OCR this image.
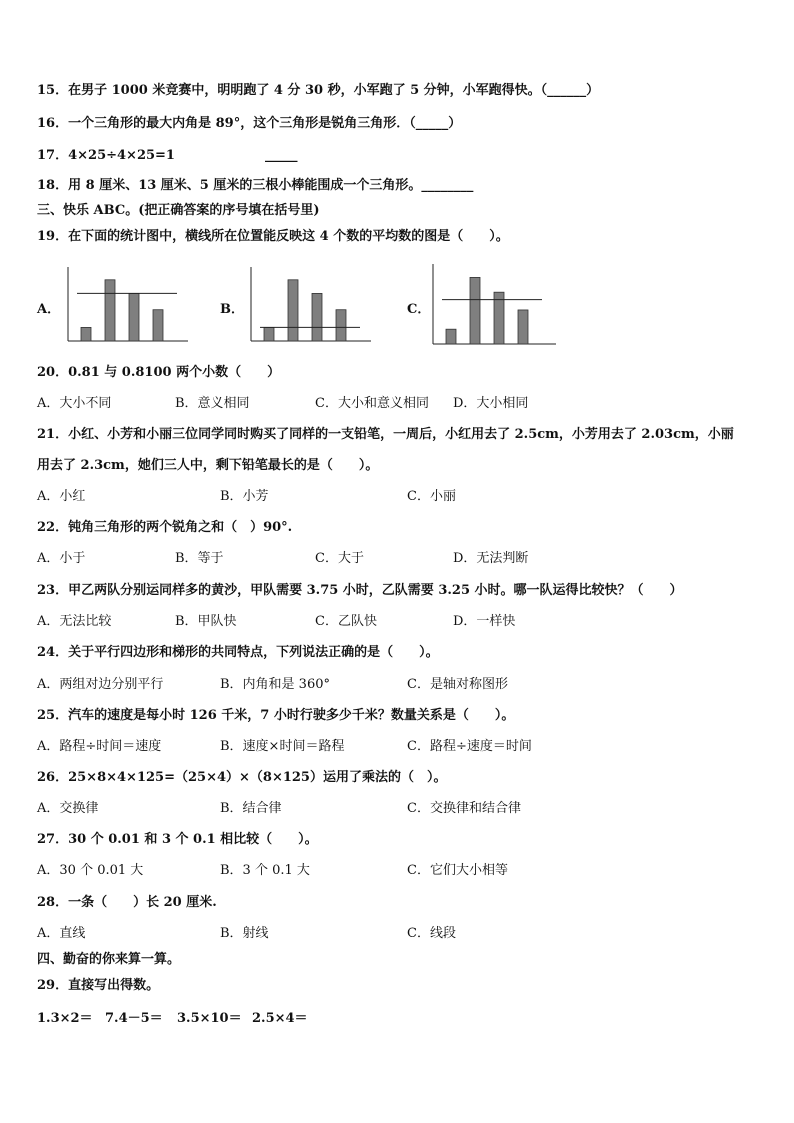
15．在男子 1000 米竞赛中，明明跑了 4 分 30 秒，小军跑了 5 分钟，小军跑得快。（______）
16．一个三角形的最大内角是 89°，这个三角形是锐角三角形．（_____）
17．4×25÷4×25=1	_____
18．用 8 厘米、13 厘米、5 厘米的三根小棒能围成一个三角形。________
三、快乐 ABC。(把正确答案的序号填在括号里)
19．在下面的统计图中，横线所在位置能反映这 4 个数的平均数的图是（　　）。
A．	B．	C．
20．0.81 与 0.8100 两个小数（　　）
A．大小不同	B．意义相同	C．大小和意义相同 D．大小相同
21．小红、小芳和小丽三位同学同时购买了同样的一支铅笔，一周后，小红用去了 2.5cm，小芳用去了 2.03cm，小丽
用去了 2.3cm，她们三人中，剩下铅笔最长的是（　　）。
A．小红	B．小芳	C．小丽
22．钝角三角形的两个锐角之和（　）90°.
A．小于	B．等于	C．大于	D．无法判断
23．甲乙两队分别运同样多的黄沙，甲队需要 3.75 小时，乙队需要 3.25 小时。哪一队运得比较快？（　　）
A．无法比较	B．甲队快	C．乙队快	D．一样快
24．关于平行四边形和梯形的共同特点，下列说法正确的是（　　）。
A．两组对边分别平行	B．内角和是 360°	C．是轴对称图形
25．汽车的速度是每小时 126 千米，7 小时行驶多少千米？数量关系是（　　）。
A．路程÷时间＝速度	B．速度×时间＝路程	C．路程÷速度＝时间
26．25×8×4×125=（25×4）×（8×125）运用了乘法的（　）。
A．交换律	B．结合律	C．交换律和结合律
27．30 个 0.01 和 3 个 0.1 相比较（　　）。
A．30 个 0.01 大	B．3 个 0.1 大	C．它们大小相等
28．一条（　　）长 20 厘米.
A．直线	B．射线	C．线段
四、勤奋的你来算一算。
29．直接写出得数。
1.3×2＝ 7.4－5＝ 3.5×10＝ 2.5×4＝
